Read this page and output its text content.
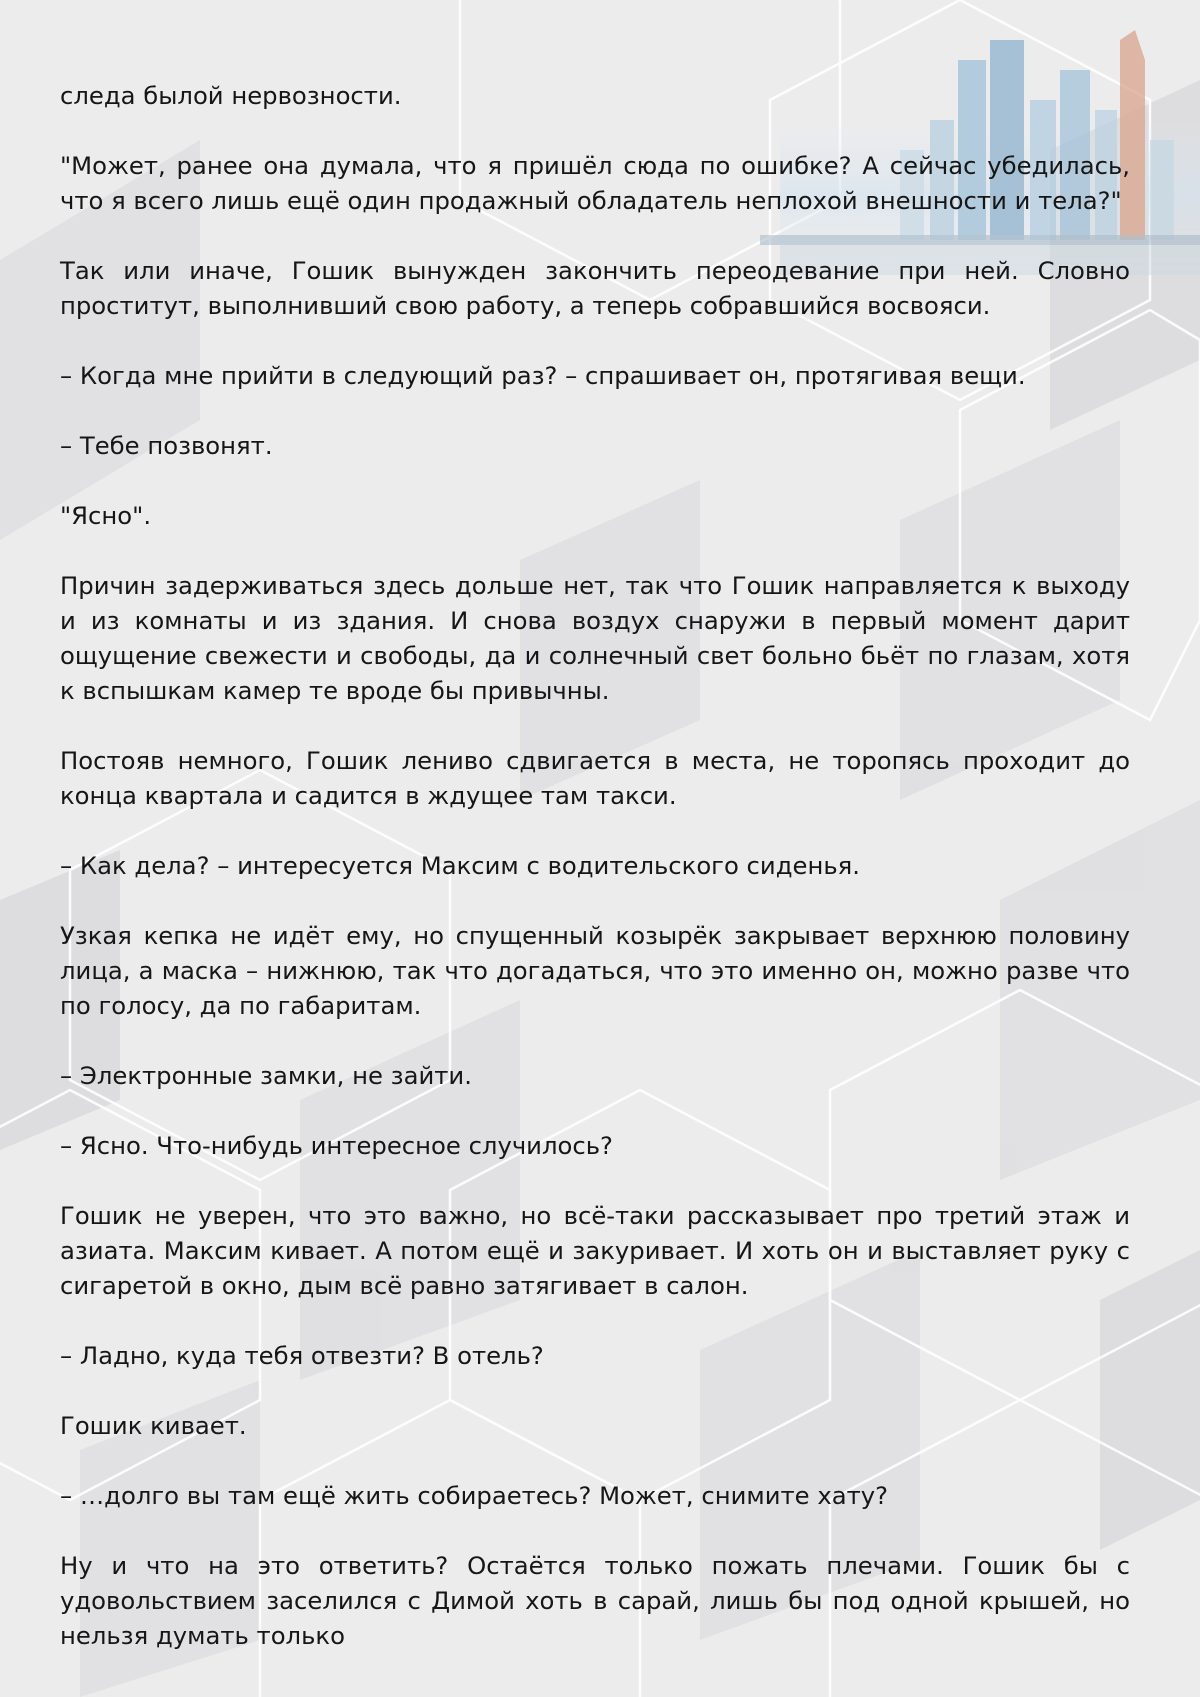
следа былой нервозности.

"Может, ранее она думала, что я пришёл сюда по ошибке? А сейчас убедилась, что я всего лишь ещё один продажный обладатель неплохой внешности и тела?"

Так или иначе, Гошик вынужден закончить переодевание при ней. Словно проститут, выполнивший свою работу, а теперь собравшийся восвояси.

– Когда мне прийти в следующий раз? – спрашивает он, протягивая вещи.

– Тебе позвонят.

"Ясно".

Причин задерживаться здесь дольше нет, так что Гошик направляется к выходу и из комнаты и из здания. И снова воздух снаружи в первый момент дарит ощущение свежести и свободы, да и солнечный свет больно бьёт по глазам, хотя к вспышкам камер те вроде бы привычны.

Постояв немного, Гошик лениво сдвигается в места, не торопясь проходит до конца квартала и садится в ждущее там такси.

– Как дела? – интересуется Максим с водительского сиденья.

Узкая кепка не идёт ему, но спущенный козырёк закрывает верхнюю половину лица, а маска – нижнюю, так что догадаться, что это именно он, можно разве что по голосу, да по габаритам.

– Электронные замки, не зайти.

– Ясно. Что-нибудь интересное случилось?

Гошик не уверен, что это важно, но всё-таки рассказывает про третий этаж и азиата. Максим кивает. А потом ещё и закуривает. И хоть он и выставляет руку с сигаретой в окно, дым всё равно затягивает в салон.

– Ладно, куда тебя отвезти? В отель?

Гошик кивает.

– …долго вы там ещё жить собираетесь? Может, снимите хату?

Ну и что на это ответить? Остаётся только пожать плечами. Гошик бы с удовольствием заселился с Димой хоть в сарай, лишь бы под одной крышей, но нельзя думать только
